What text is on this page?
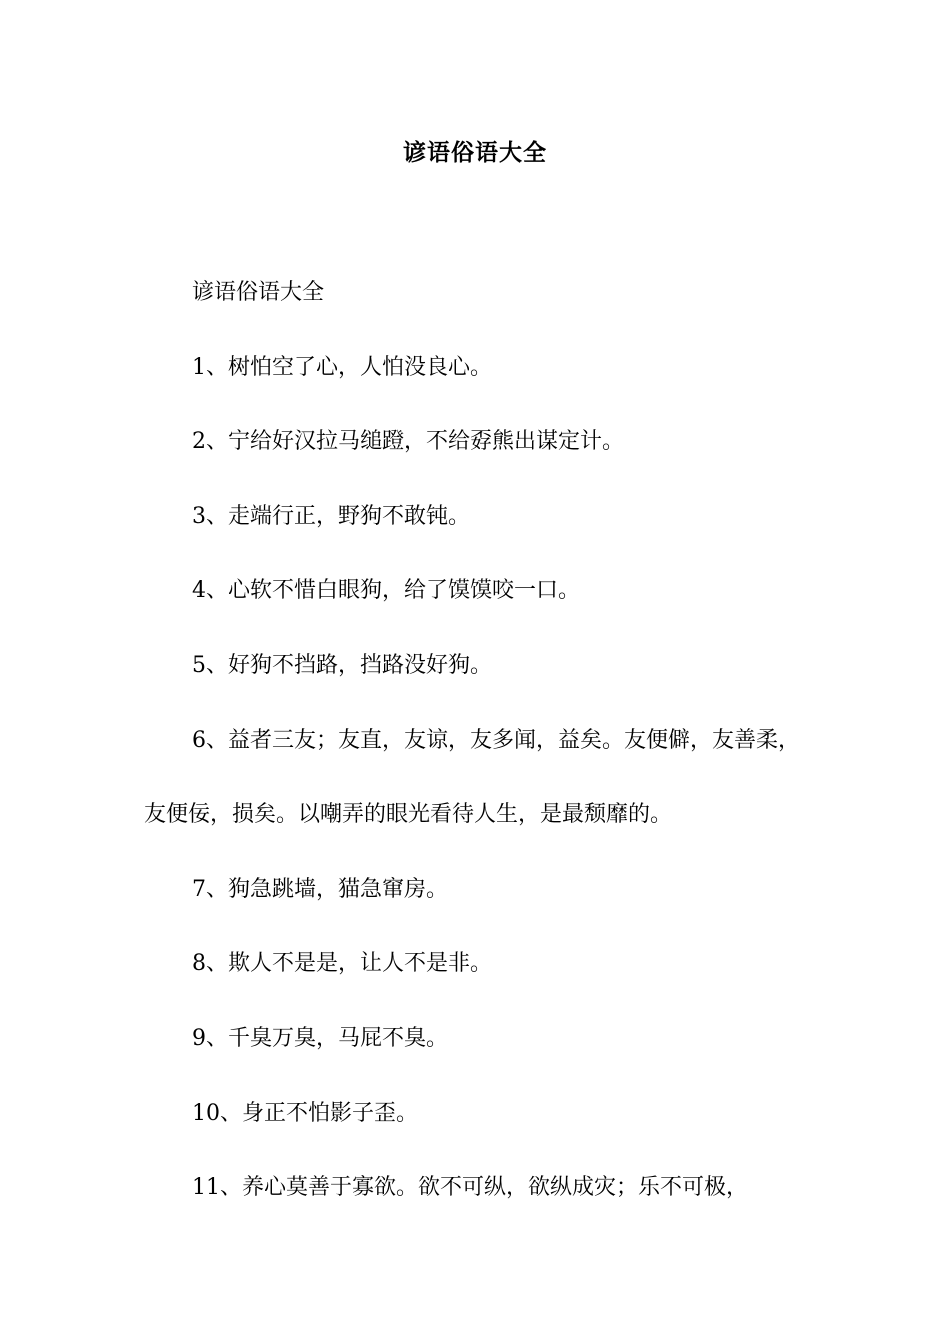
谚语俗语大全

谚语俗语大全

1、树怕空了心，人怕没良心。

2、宁给好汉拉马缒蹬，不给孬熊出谋定计。

3、走端行正，野狗不敢钝。

4、心软不惜白眼狗，给了馍馍咬一口。

5、好狗不挡路，挡路没好狗。

6、益者三友；友直，友谅，友多闻，益矣。友便僻，友善柔，友便佞，损矣。以嘲弄的眼光看待人生，是最颓靡的。

7、狗急跳墙，猫急窜房。

8、欺人不是是，让人不是非。

9、千臭万臭，马屁不臭。

10、身正不怕影子歪。

11、养心莫善于寡欲。欲不可纵，欲纵成灾；乐不可极，
